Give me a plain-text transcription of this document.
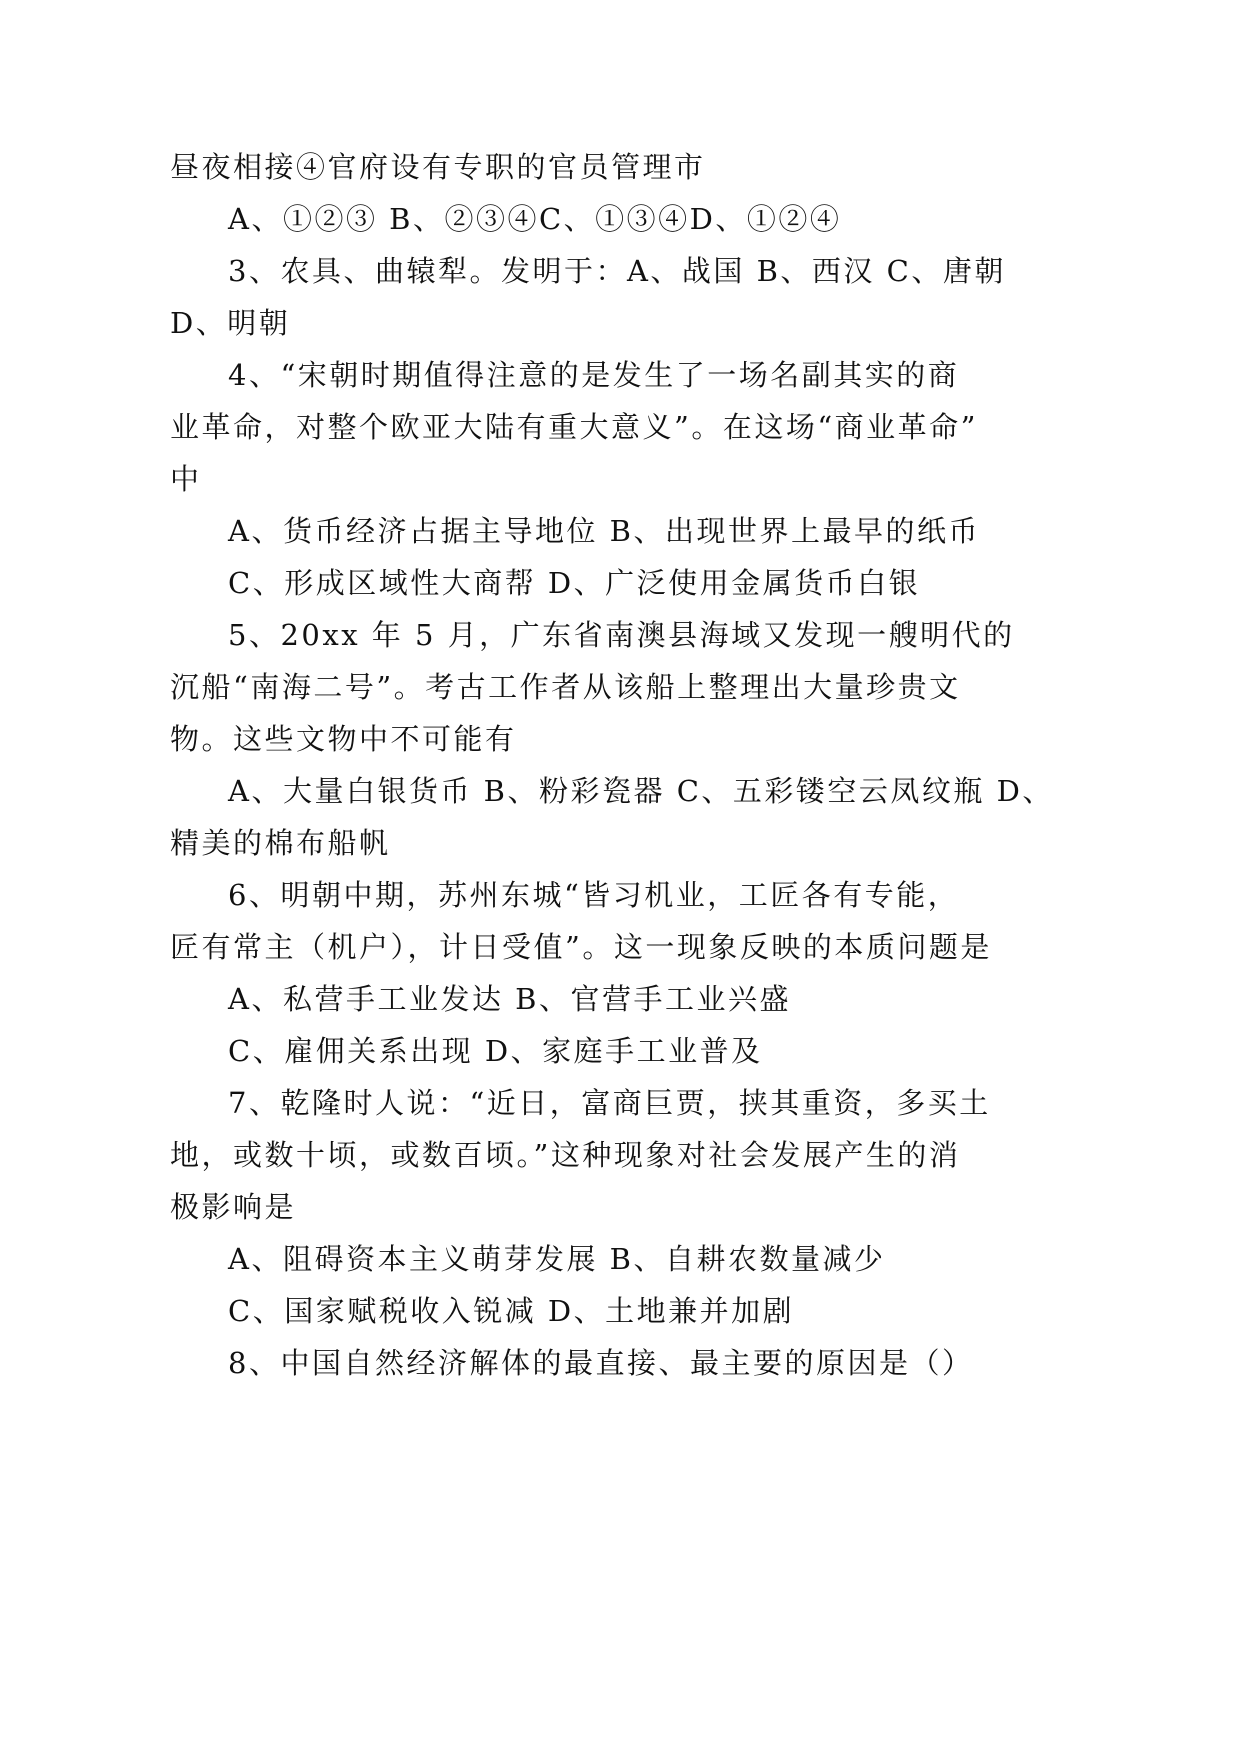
昼夜相接④官府设有专职的官员管理市
A、①②③ B、②③④C、①③④D、①②④
3、农具、曲辕犁。发明于：A、战国 B、西汉 C、唐朝
D、明朝
4、“宋朝时期值得注意的是发生了一场名副其实的商
业革命，对整个欧亚大陆有重大意义”。在这场“商业革命”
中
A、货币经济占据主导地位 B、出现世界上最早的纸币
C、形成区域性大商帮 D、广泛使用金属货币白银
5、20xx 年 5 月，广东省南澳县海域又发现一艘明代的
沉船“南海二号”。考古工作者从该船上整理出大量珍贵文
物。这些文物中不可能有
A、大量白银货币 B、粉彩瓷器 C、五彩镂空云凤纹瓶 D、
精美的棉布船帆
6、明朝中期，苏州东城“皆习机业，工匠各有专能，
匠有常主（机户），计日受值”。这一现象反映的本质问题是
A、私营手工业发达 B、官营手工业兴盛
C、雇佣关系出现 D、家庭手工业普及
7、乾隆时人说：“近日，富商巨贾，挟其重资，多买土
地，或数十顷，或数百顷。”这种现象对社会发展产生的消
极影响是
A、阻碍资本主义萌芽发展 B、自耕农数量减少
C、国家赋税收入锐减 D、土地兼并加剧
8、中国自然经济解体的最直接、最主要的原因是（）
